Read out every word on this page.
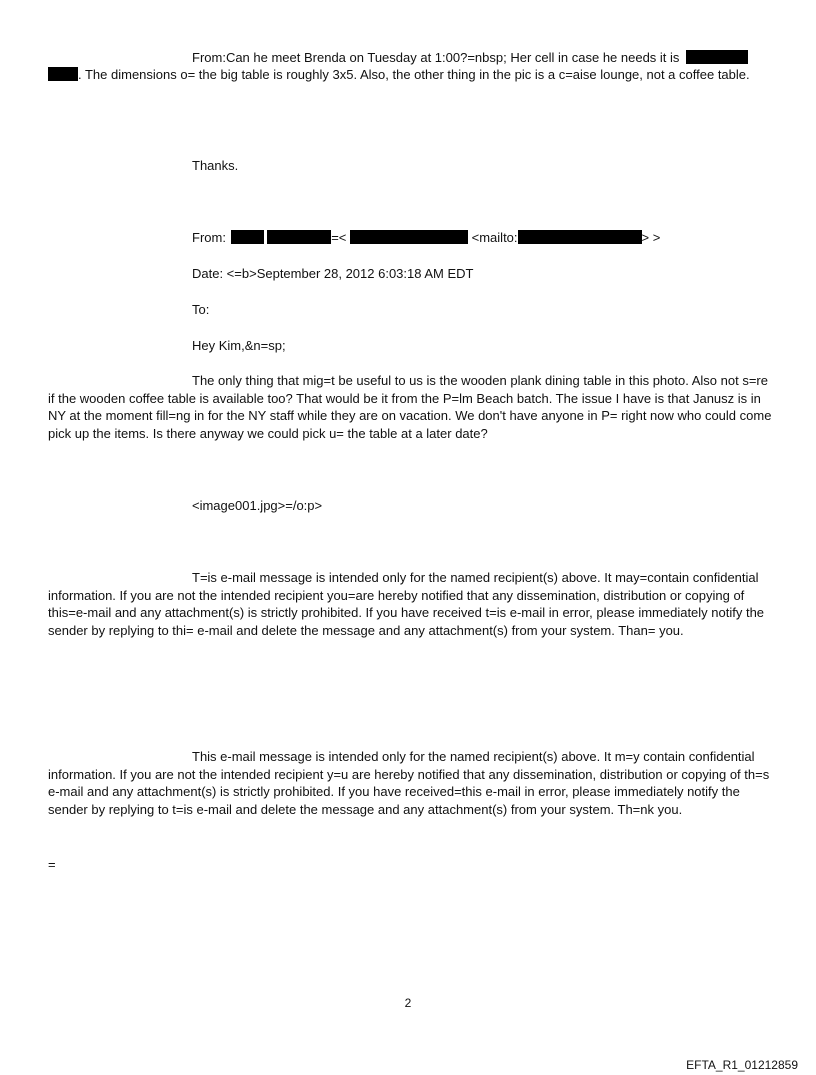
From:Can he meet Brenda on Tuesday at 1:00?=nbsp; Her cell in case he needs it is
. The dimensions o= the big table is roughly 3x5. Also, the other thing in the pic is a c=aise lounge, not a coffee table.
Thanks.
From:	=<	<mailto:	> >
Date: <=b>September 28, 2012 6:03:18 AM EDT
To:
Hey Kim,&n=sp;

The only thing that mig=t be useful to us is the wooden plank dining table in this photo. Also not s=re if the wooden coffee table is available too? That would be it from the P=lm Beach batch. The issue I have is that Janusz is in NY at the moment fill=ng in for the NY staff while they are on vacation. We don't have anyone in P= right now who could come pick up the items. Is there anyway we could pick u= the table at a later date?

<image001.jpg>=/o:p>

T=is e-mail message is intended only for the named recipient(s) above. It may=contain confidential information. If you are not the intended recipient you=are hereby notified that any dissemination, distribution or copying of this=e-mail and any attachment(s) is strictly prohibited. If you have received t=is e-mail in error, please immediately notify the sender by replying to thi= e-mail and delete the message and any attachment(s) from your system. Than= you.

This e-mail message is intended only for the named recipient(s) above. It m=y contain confidential information. If you are not the intended recipient y=u are hereby notified that any dissemination, distribution or copying of th=s e-mail and any attachment(s) is strictly prohibited. If you have received=this e-mail in error, please immediately notify the sender by replying to t=is e-mail and delete the message and any attachment(s) from your system. Th=nk you.

=
2
EFTA_R1_01212859
